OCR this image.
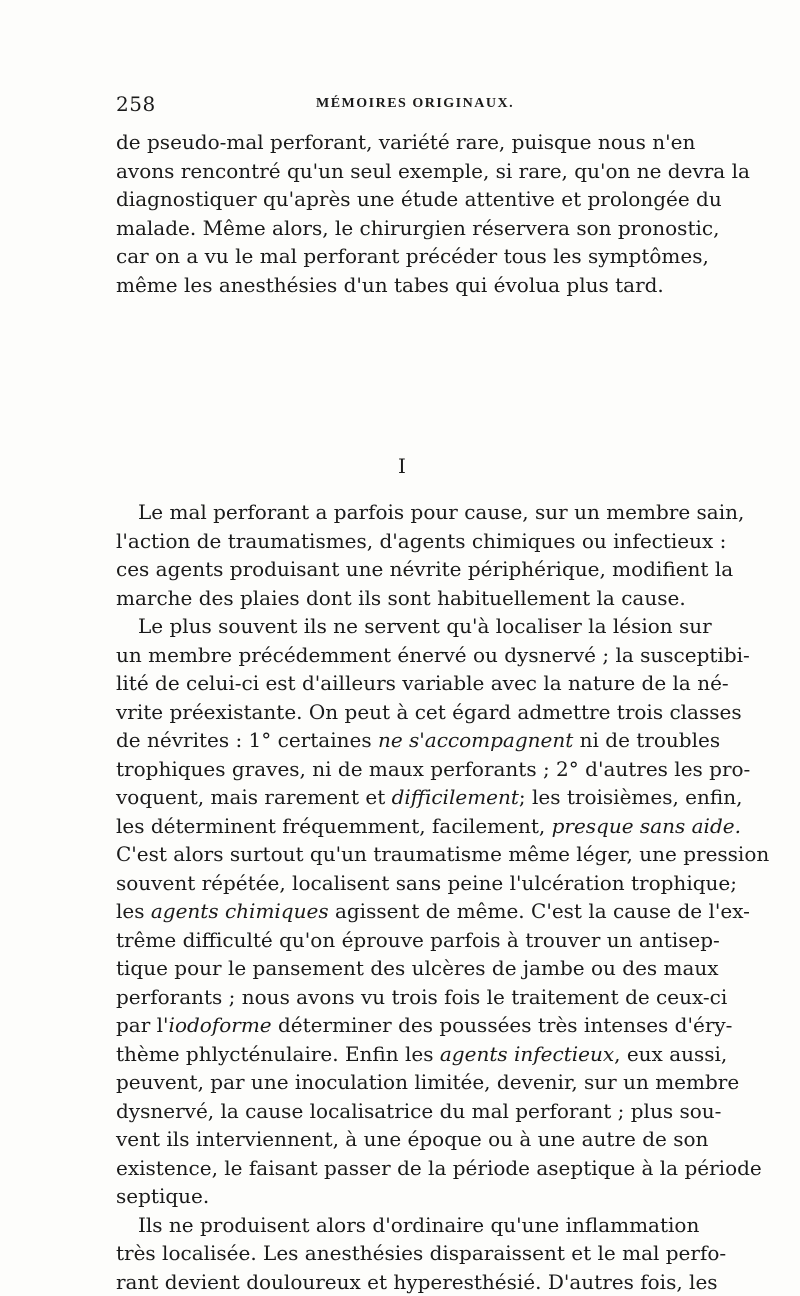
258	MÉMOIRES ORIGINAUX.
de pseudo-mal perforant, variété rare, puisque nous n'en
avons rencontré qu'un seul exemple, si rare, qu'on ne devra la
diagnostiquer qu'après une étude attentive et prolongée du
malade. Même alors, le chirurgien réservera son pronostic,
car on a vu le mal perforant précéder tous les symptômes,
même les anesthésies d'un tabes qui évolua plus tard.
I
Le mal perforant a parfois pour cause, sur un membre sain,
l'action de traumatismes, d'agents chimiques ou infectieux :
ces agents produisant une névrite périphérique, modifient la
marche des plaies dont ils sont habituellement la cause.
Le plus souvent ils ne servent qu'à localiser la lésion sur
un membre précédemment énervé ou dysnervé ; la susceptibi-
lité de celui-ci est d'ailleurs variable avec la nature de la né-
vrite préexistante. On peut à cet égard admettre trois classes
de névrites : 1° certaines ne s'accompagnent ni de troubles
trophiques graves, ni de maux perforants ; 2° d'autres les pro-
voquent, mais rarement et difficilement; les troisièmes, enfin,
les déterminent fréquemment, facilement, presque sans aide.
C'est alors surtout qu'un traumatisme même léger, une pression
souvent répétée, localisent sans peine l'ulcération trophique;
les agents chimiques agissent de même. C'est la cause de l'ex-
trême difficulté qu'on éprouve parfois à trouver un antisep-
tique pour le pansement des ulcères de jambe ou des maux
perforants ; nous avons vu trois fois le traitement de ceux-ci
par l'iodoforme déterminer des poussées très intenses d'éry-
thème phlycténulaire. Enfin les agents infectieux, eux aussi,
peuvent, par une inoculation limitée, devenir, sur un membre
dysnervé, la cause localisatrice du mal perforant ; plus sou-
vent ils interviennent, à une époque ou à une autre de son
existence, le faisant passer de la période aseptique à la période
septique.
Ils ne produisent alors d'ordinaire qu'une inflammation
très localisée. Les anesthésies disparaissent et le mal perfo-
rant devient douloureux et hyperesthésié. D'autres fois, les
